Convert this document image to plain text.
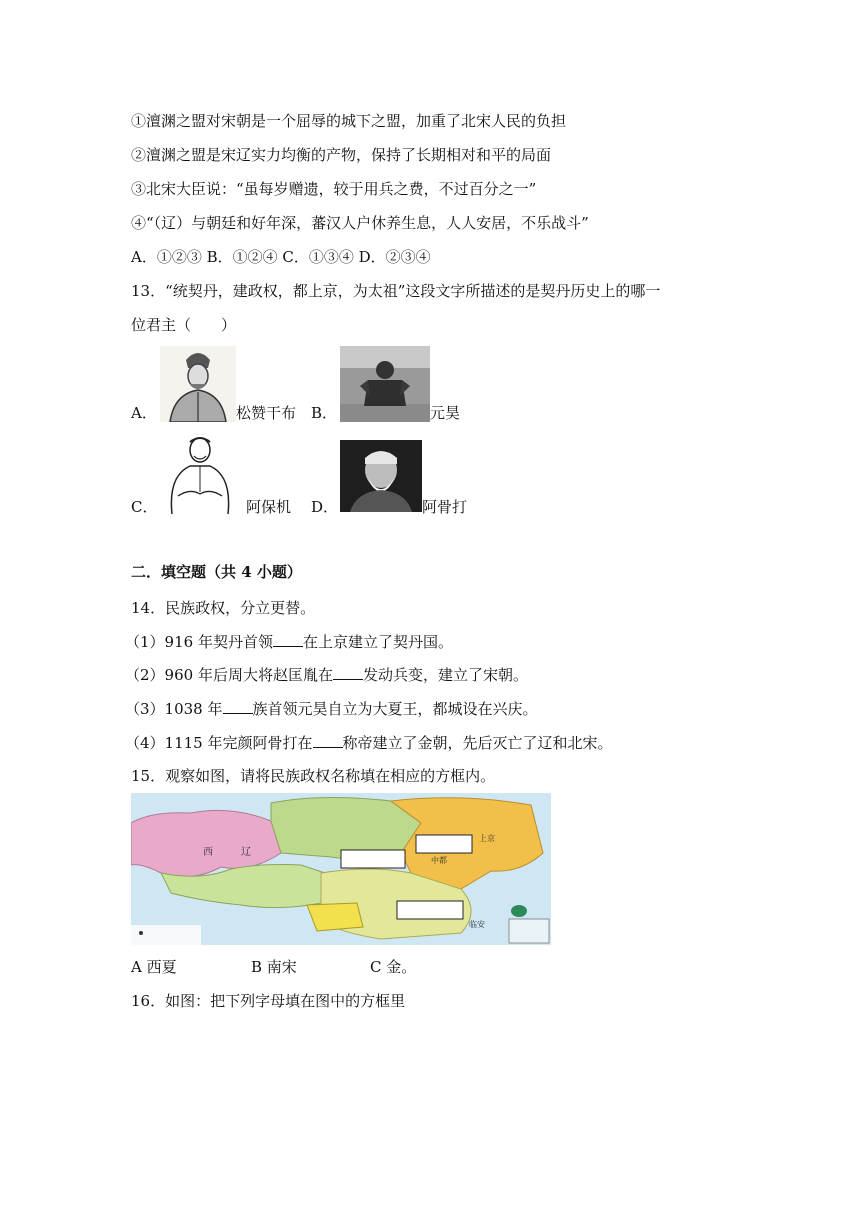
①澶渊之盟对宋朝是一个屈辱的城下之盟，加重了北宋人民的负担
②澶渊之盟是宋辽实力均衡的产物，保持了长期相对和平的局面
③北宋大臣说：“虽每岁赠遗，较于用兵之费，不过百分之一”
④“（辽）与朝廷和好年深，蕃汉人户休养生息，人人安居，不乐战斗”
A．①②③ B．①②④ C．①③④ D．②③④
13．“统契丹，建政权，都上京，为太祖”这段文字所描述的是契丹历史上的哪一
位君主（　　）
A．	松赞干布 B．	元昊
C．	阿保机 D．	阿骨打
二．填空题（共 4 小题）
14．民族政权，分立更替。
（1）916 年契丹首领 在上京建立了契丹国。
（2）960 年后周大将赵匡胤在 发动兵变，建立了宋朝。
（3）1038 年 族首领元昊自立为大夏王，都城设在兴庆。
（4）1115 年完颜阿骨打在 称帝建立了金朝，先后灭亡了辽和北宋。
15．观察如图，请将民族政权名称填在相应的方框内。
西	辽
上京
中都
临安
A 西夏	B 南宋	C 金。
16．如图：把下列字母填在图中的方框里
